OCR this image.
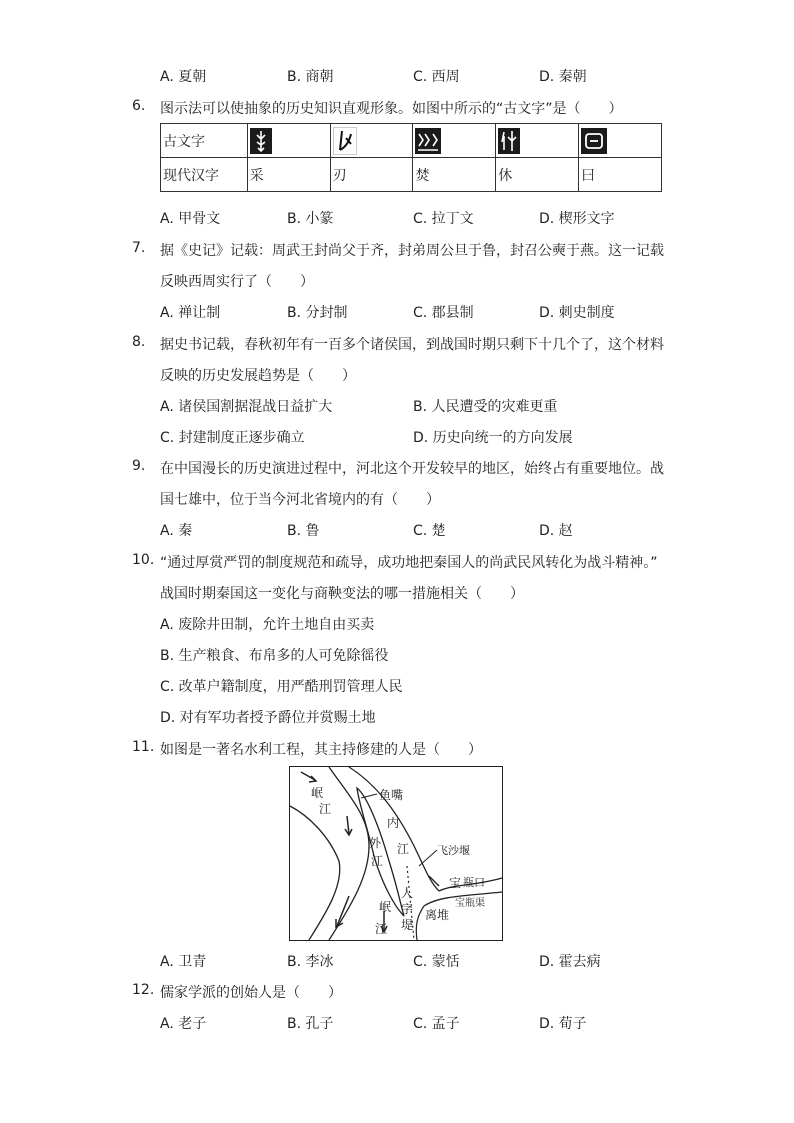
A. 夏朝	B. 商朝	C. 西周	D. 秦朝
6. 图示法可以使抽象的历史知识直观形象。如图中所示的“古文字”是（　　）
古文字	

现代汉字	采	刃	焚	休	曰
A. 甲骨文	B. 小篆	C. 拉丁文	D. 楔形文字
7. 据《史记》记载：周武王封尚父于齐，封弟周公旦于鲁，封召公奭于燕。这一记载
反映西周实行了（　　）
A. 禅让制	B. 分封制	C. 郡县制	D. 刺史制度
8. 据史书记载，春秋初年有一百多个诸侯国，到战国时期只剩下十几个了，这个材料
反映的历史发展趋势是（　　）
A. 诸侯国割据混战日益扩大	B. 人民遭受的灾难更重
C. 封建制度正逐步确立	D. 历史向统一的方向发展
9. 在中国漫长的历史演进过程中，河北这个开发较早的地区，始终占有重要地位。战
国七雄中，位于当今河北省境内的有（　　）
A. 秦	B. 鲁	C. 楚	D. 赵
10. “通过厚赏严罚的制度规范和疏导，成功地把秦国人的尚武民风转化为战斗精神。”
战国时期秦国这一变化与商鞅变法的哪一措施相关（　　）
A. 废除井田制，允许土地自由买卖
B. 生产粮食、布帛多的人可免除徭役
C. 改革户籍制度，用严酷刑罚管理人民
D. 对有军功者授予爵位并赏赐土地
11. 如图是一著名水利工程，其主持修建的人是（　　）
岷
江
鱼嘴
内
江
外
江
飞沙堰
宝 瓶口
宝瓶渠
人
字
堤
离堆
岷
江
A. 卫青	B. 李冰	C. 蒙恬	D. 霍去病
12. 儒家学派的创始人是（　　）
A. 老子	B. 孔子	C. 孟子	D. 荀子
